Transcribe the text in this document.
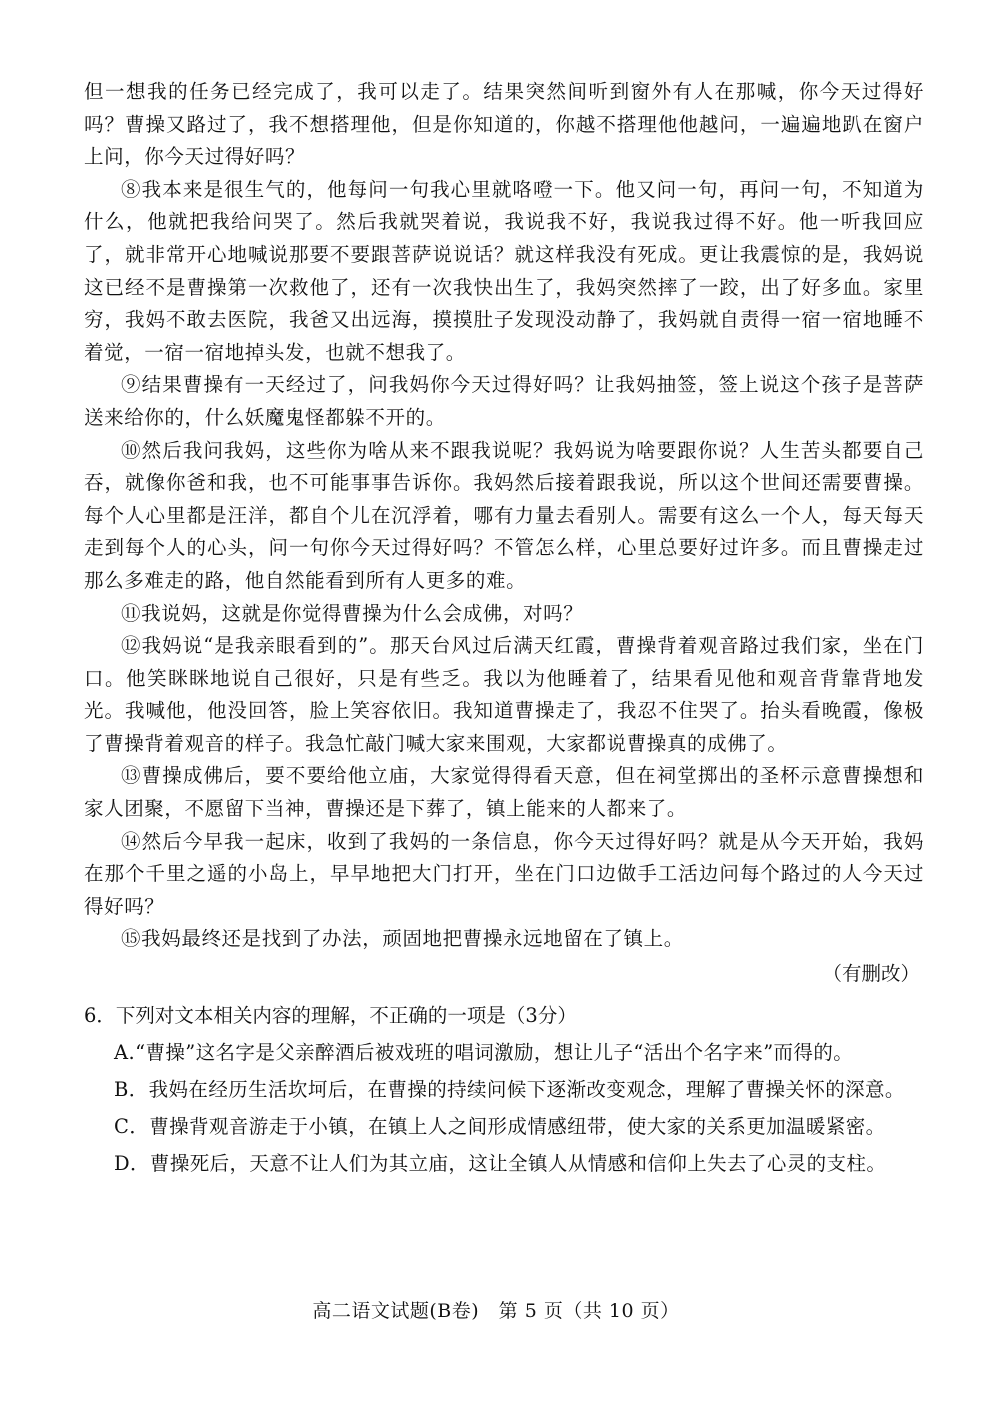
但一想我的任务已经完成了，我可以走了。结果突然间听到窗外有人在那喊，你今天过得好吗？曹操又路过了，我不想搭理他，但是你知道的，你越不搭理他他越问，一遍遍地趴在窗户上问，你今天过得好吗？

⑧我本来是很生气的，他每问一句我心里就咯噔一下。他又问一句，再问一句，不知道为什么，他就把我给问哭了。然后我就哭着说，我说我不好，我说我过得不好。他一听我回应了，就非常开心地喊说那要不要跟菩萨说说话？就这样我没有死成。更让我震惊的是，我妈说这已经不是曹操第一次救他了，还有一次我快出生了，我妈突然摔了一跤，出了好多血。家里穷，我妈不敢去医院，我爸又出远海，摸摸肚子发现没动静了，我妈就自责得一宿一宿地睡不着觉，一宿一宿地掉头发，也就不想我了。

⑨结果曹操有一天经过了，问我妈你今天过得好吗？让我妈抽签，签上说这个孩子是菩萨送来给你的，什么妖魔鬼怪都躲不开的。

⑩然后我问我妈，这些你为啥从来不跟我说呢？我妈说为啥要跟你说？人生苦头都要自己吞，就像你爸和我，也不可能事事告诉你。我妈然后接着跟我说，所以这个世间还需要曹操。每个人心里都是汪洋，都自个儿在沉浮着，哪有力量去看别人。需要有这么一个人，每天每天走到每个人的心头，问一句你今天过得好吗？不管怎么样，心里总要好过许多。而且曹操走过那么多难走的路，他自然能看到所有人更多的难。

⑪我说妈，这就是你觉得曹操为什么会成佛，对吗？

⑫我妈说“是我亲眼看到的”。那天台风过后满天红霞，曹操背着观音路过我们家，坐在门口。他笑眯眯地说自己很好，只是有些乏。我以为他睡着了，结果看见他和观音背靠背地发光。我喊他，他没回答，脸上笑容依旧。我知道曹操走了，我忍不住哭了。抬头看晚霞，像极了曹操背着观音的样子。我急忙敲门喊大家来围观，大家都说曹操真的成佛了。

⑬曹操成佛后，要不要给他立庙，大家觉得得看天意，但在祠堂掷出的圣杯示意曹操想和家人团聚，不愿留下当神，曹操还是下葬了，镇上能来的人都来了。

⑭然后今早我一起床，收到了我妈的一条信息，你今天过得好吗？就是从今天开始，我妈在那个千里之遥的小岛上，早早地把大门打开，坐在门口边做手工活边问每个路过的人今天过得好吗？

⑮我妈最终还是找到了办法，顽固地把曹操永远地留在了镇上。

（有删改）

6．下列对文本相关内容的理解，不正确的一项是（3分）

A.“曹操”这名字是父亲醉酒后被戏班的唱词激励，想让儿子“活出个名字来”而得的。

B．我妈在经历生活坎坷后，在曹操的持续问候下逐渐改变观念，理解了曹操关怀的深意。

C．曹操背观音游走于小镇，在镇上人之间形成情感纽带，使大家的关系更加温暖紧密。

D．曹操死后，天意不让人们为其立庙，这让全镇人从情感和信仰上失去了心灵的支柱。

高二语文试题(B卷)　第 5 页（共 10 页）
